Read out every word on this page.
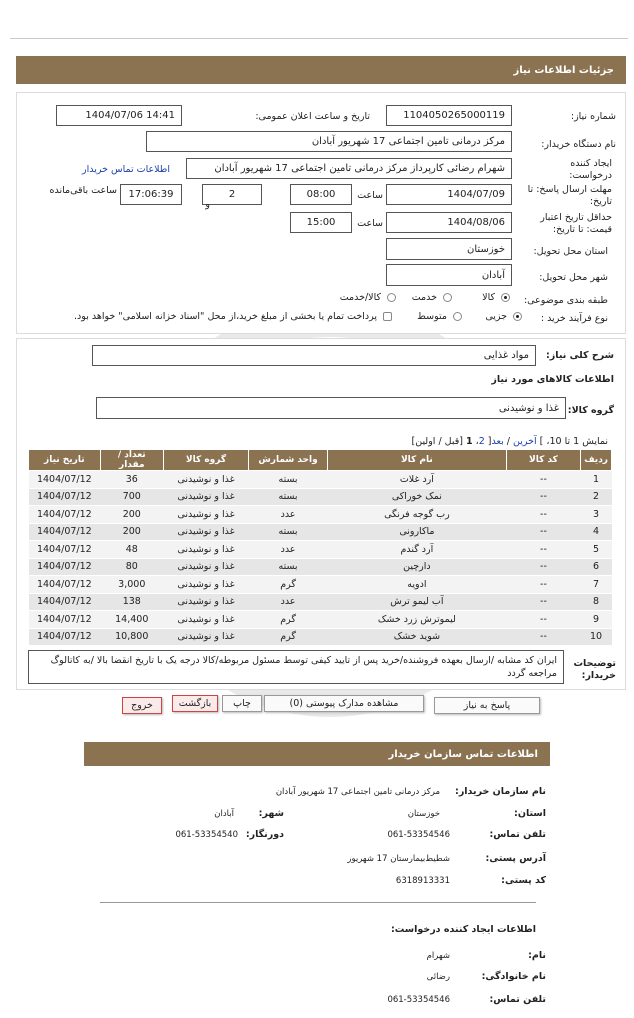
جزئیات اطلاعات نیاز
شماره نیاز:
1104050265000119
تاریخ و ساعت اعلان عمومی:
1404/07/06 14:41
نام دستگاه خریدار:
مرکز درمانی تامین اجتماعی 17 شهریور آبادان
ایجاد کننده درخواست:
شهرام رضائی کارپرداز مرکز درمانی تامین اجتماعی 17 شهریور آبادان
اطلاعات تماس خریدار
مهلت ارسال پاسخ: تا تاریخ:
1404/07/09
ساعت
08:00
2
و
17:06:39
ساعت باقی‌مانده
حداقل تاریخ اعتبار قیمت: تا تاریخ:
1404/08/06
ساعت
15:00
استان محل تحویل:
خوزستان
شهر محل تحویل:
آبادان
طبقه بندی موضوعی:
کالا
خدمت
کالا/خدمت
نوع فرآیند خرید :
جزیی
متوسط
پرداخت تمام یا بخشی از مبلغ خرید،از محل "اسناد خزانه اسلامی" خواهد بود.
شرح کلی نیاز:
مواد غذایی
اطلاعات کالاهای مورد نیاز
گروه کالا:
غذا و نوشیدنی
نمایش 1 تا 10، ] آخرین / بعد[ 2، 1 [قبل / اولین]
ردیف	کد کالا	نام کالا	واحد شمارش	گروه کالا	تعداد / مقدار	تاریخ نیاز
1	--	آرد غلات	بسته	غذا و نوشیدنی	36	1404/07/12
2	--	نمک خوراکی	بسته	غذا و نوشیدنی	700	1404/07/12
3	--	رب گوجه فرنگی	عدد	غذا و نوشیدنی	200	1404/07/12
4	--	ماکارونی	بسته	غذا و نوشیدنی	200	1404/07/12
5	--	آرد گندم	عدد	غذا و نوشیدنی	48	1404/07/12
6	--	دارچین	بسته	غذا و نوشیدنی	80	1404/07/12
7	--	ادویه	گرم	غذا و نوشیدنی	3,000	1404/07/12
8	--	آب لیمو ترش	عدد	غذا و نوشیدنی	138	1404/07/12
9	--	لیموترش زرد خشک	گرم	غذا و نوشیدنی	14,400	1404/07/12
10	--	شوید خشک	گرم	غذا و نوشیدنی	10,800	1404/07/12
توضیحات خریدار:
ایران کد مشابه /ارسال بعهده فروشنده/خرید پس از تایید کیفی توسط مسئول مربوطه/کالا درجه یک با تاریخ انقضا بالا /به کاتالوگ مراجعه گردد
پاسخ به نیاز
مشاهده مدارک پیوستی (0)
چاپ
بازگشت
خروج
اطلاعات تماس سازمان خریدار
نام سازمان خریدار:
مرکز درمانی تامین اجتماعی 17 شهریور آبادان
استان:
خوزستان
شهر:
آبادان
تلفن تماس:
061-53354546
دورنگار:
061-53354540
آدرس پستی:
شطیط‌بیمارستان 17 شهریور
کد پستی:
6318913331
اطلاعات ایجاد کننده درخواست:
نام:
شهرام
نام خانوادگی:
رضائی
تلفن تماس:
061-53354546
